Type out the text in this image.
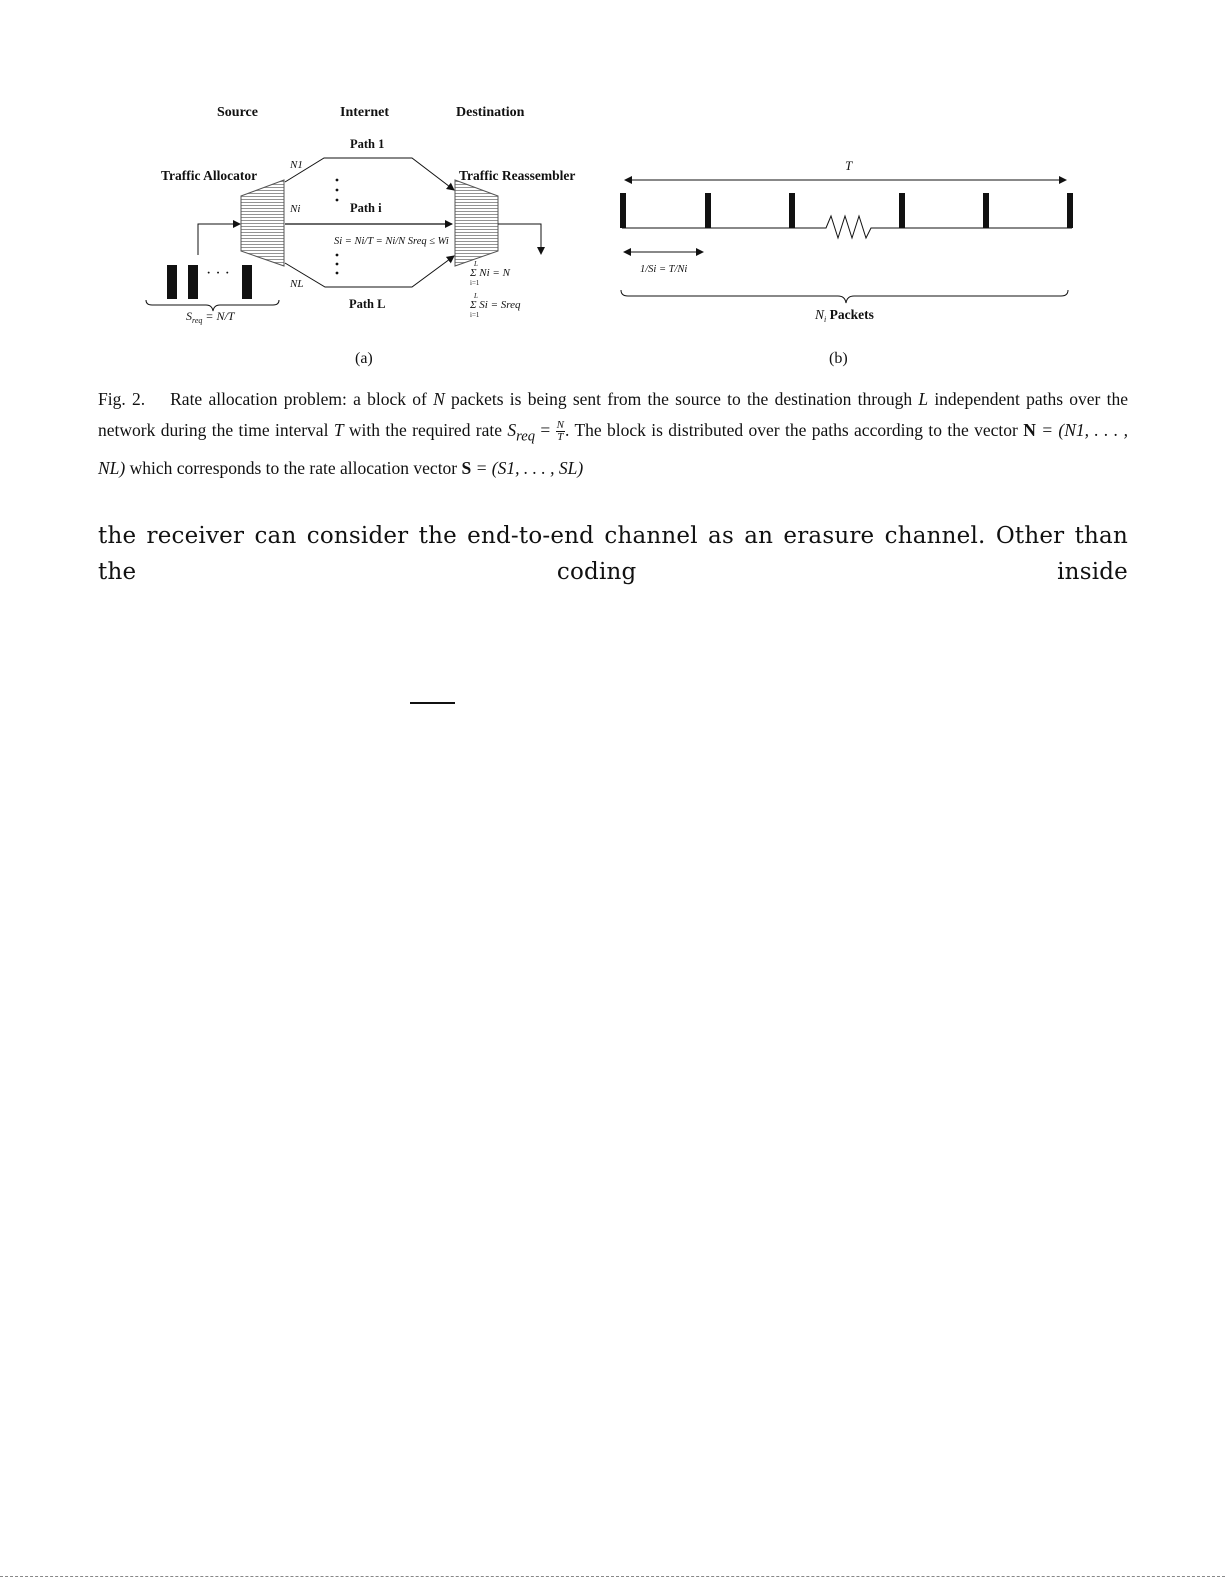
Source	Internet	Destination
Traffic Allocator	Traffic Reassembler
· · ·
$S_{req} = N/T$
Path 1
Path i
Path L
N1
Ni
NL
Si = Ni/T = Ni/N Sreq ≤ Wi
L
Σ Ni = N
i=1
L
Σ Si = Sreq
i=1
(a)
T
1/Si = T/Ni
$N_i$ Packets
(b)
Fig. 2. Rate allocation problem: a block of N packets is being sent from the source to the destination through L independent paths over the network during the time interval T with the required rate $S_{req} = \frac{N}{T}$ . The block is distributed over the paths according to the vector N = (N1, . . . , NL) which corresponds to the rate allocation vector S = (S1, . . . , SL)
the receiver can consider the end-to-end channel as an erasure channel. Other than the coding inside
